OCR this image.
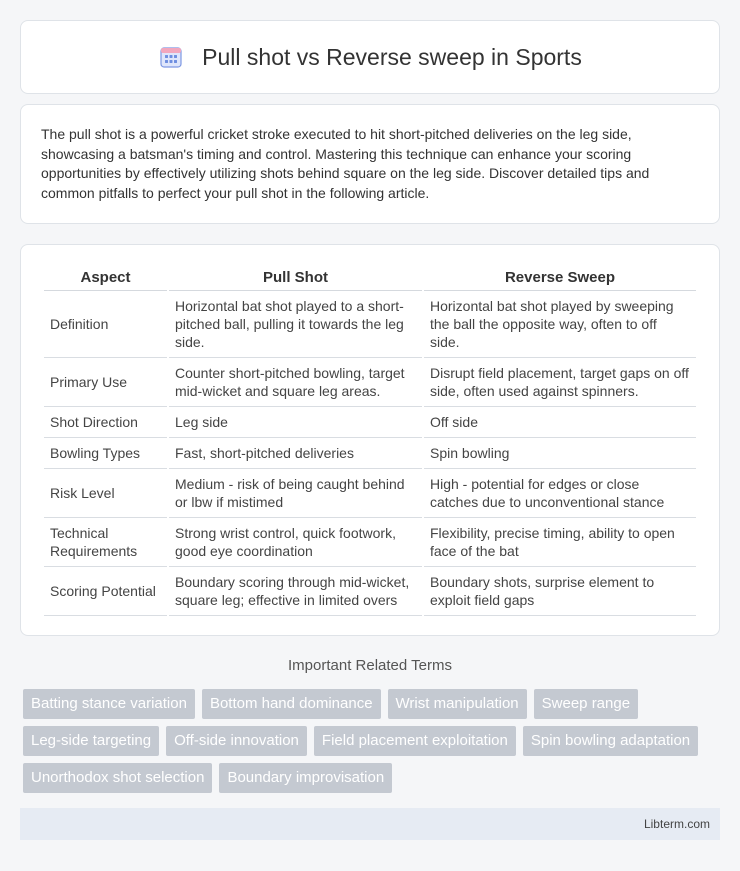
Pull shot vs Reverse sweep in Sports

The pull shot is a powerful cricket stroke executed to hit short-pitched deliveries on the leg side, showcasing a batsman's timing and control. Mastering this technique can enhance your scoring opportunities by effectively utilizing shots behind square on the leg side. Discover detailed tips and common pitfalls to perfect your pull shot in the following article.

Aspect	Pull Shot	Reverse Sweep
Definition	Horizontal bat shot played to a short-pitched ball, pulling it towards the leg side.	Horizontal bat shot played by sweeping the ball the opposite way, often to off side.
Primary Use	Counter short-pitched bowling, target mid-wicket and square leg areas.	Disrupt field placement, target gaps on off side, often used against spinners.
Shot Direction	Leg side	Off side
Bowling Types	Fast, short-pitched deliveries	Spin bowling
Risk Level	Medium - risk of being caught behind or lbw if mistimed	High - potential for edges or close catches due to unconventional stance
Technical Requirements	Strong wrist control, quick footwork, good eye coordination	Flexibility, precise timing, ability to open face of the bat
Scoring Potential	Boundary scoring through mid-wicket, square leg; effective in limited overs	Boundary shots, surprise element to exploit field gaps
Important Related Terms
Batting stance variation	Bottom hand dominance	Wrist manipulation	Sweep range
Leg-side targeting	Off-side innovation	Field placement exploitation	Spin bowling adaptation
Unorthodox shot selection	Boundary improvisation
Libterm.com
